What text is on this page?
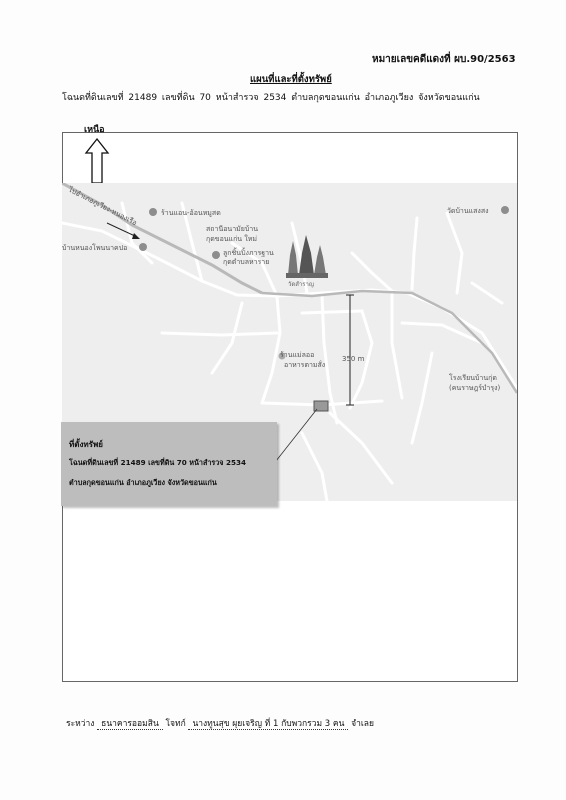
หมายเลขคดีแดงที่ ผบ.90/2563
แผนที่และที่ตั้งทรัพย์
โฉนดที่ดินเลขที่ 21489 เลขที่ดิน 70 หน้าสำรวจ 2534 ตำบลกุดขอนแก่น อำเภอภูเวียง จังหวัดขอนแก่น
เหนือ
ไปอำเภอภูเวียง-หนองเรือ	ร้านแอน-อ้อนหมูสด
สถานีอนามัยบ้าน
กุดขอนแก่น ใหม่
ลูกชิ้นปิ้งภารฐาน
กุดตำบลหาราย
บ้านหนองโพนนาคปอ
วัดสำราญ
วัดบ้านแสงสง
ร้านแม่ลออ
อาหารตามสั่ง
โรงเรียนบ้านกุ่ด
(คนราษฎร์บำรุง)
350 m
ที่ตั้งทรัพย์
โฉนดที่ดินเลขที่ 21489 เลขที่ดิน 70 หน้าสำรวจ 2534
ตำบลกุดขอนแก่น อำเภอภูเวียง จังหวัดขอนแก่น
ระหว่าง ธนาคารออมสิน โจทก์ นางทูนสุข ผุยเจริญ ที่ 1 กับพวกรวม 3 คน จำเลย
